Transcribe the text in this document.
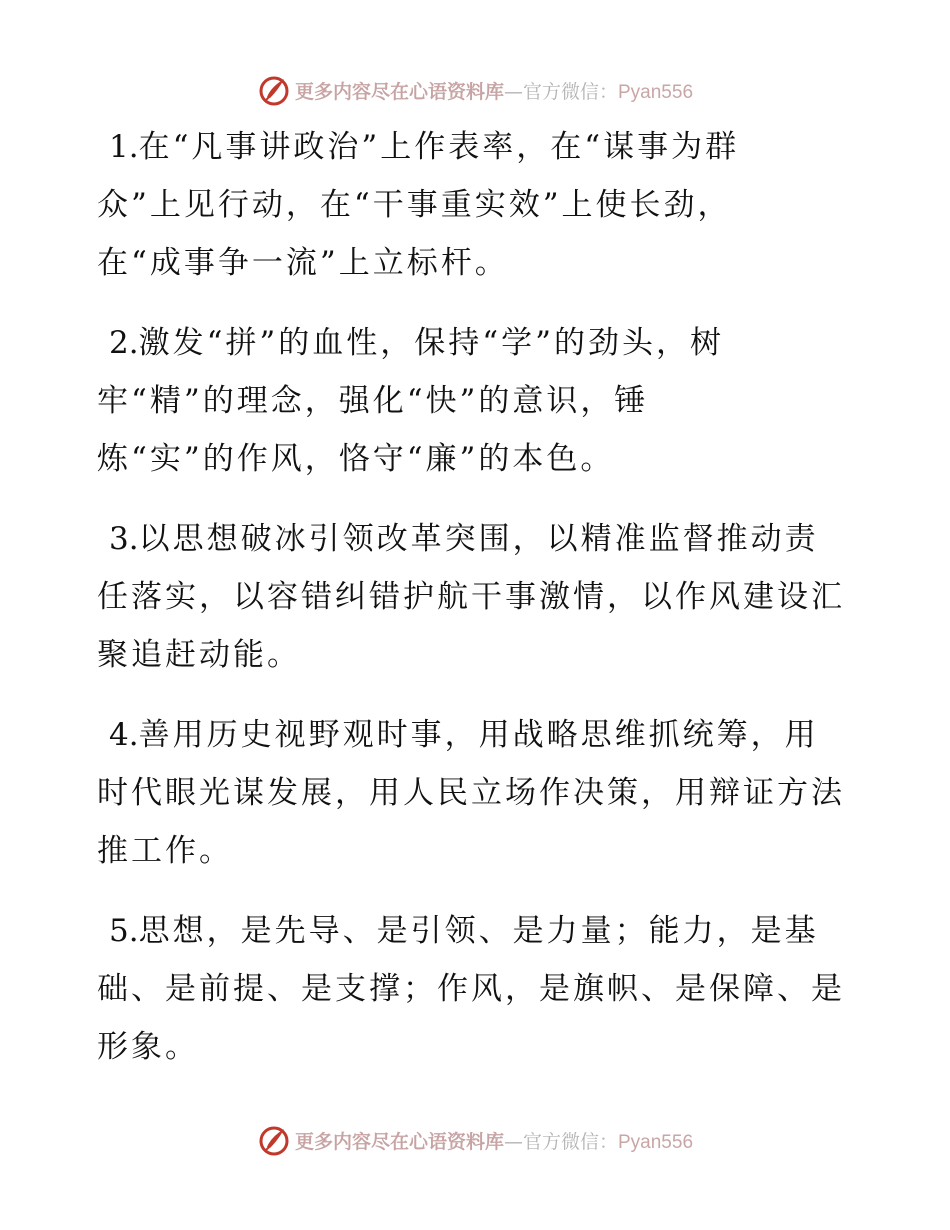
更多内容尽在心语资料库—官方微信：Pyan556

1.在“凡事讲政治”上作表率，在“谋事为群

众”上见行动，在“干事重实效”上使长劲，

在“成事争一流”上立标杆。

2.激发“拼”的血性，保持“学”的劲头，树

牢“精”的理念，强化“快”的意识，锤

炼“实”的作风，恪守“廉”的本色。

3.以思想破冰引领改革突围，以精准监督推动责

任落实，以容错纠错护航干事激情，以作风建设汇

聚追赶动能。

4.善用历史视野观时事，用战略思维抓统筹，用

时代眼光谋发展，用人民立场作决策，用辩证方法

推工作。

5.思想，是先导、是引领、是力量；能力，是基

础、是前提、是支撑；作风，是旗帜、是保障、是

形象。

更多内容尽在心语资料库—官方微信：Pyan556
